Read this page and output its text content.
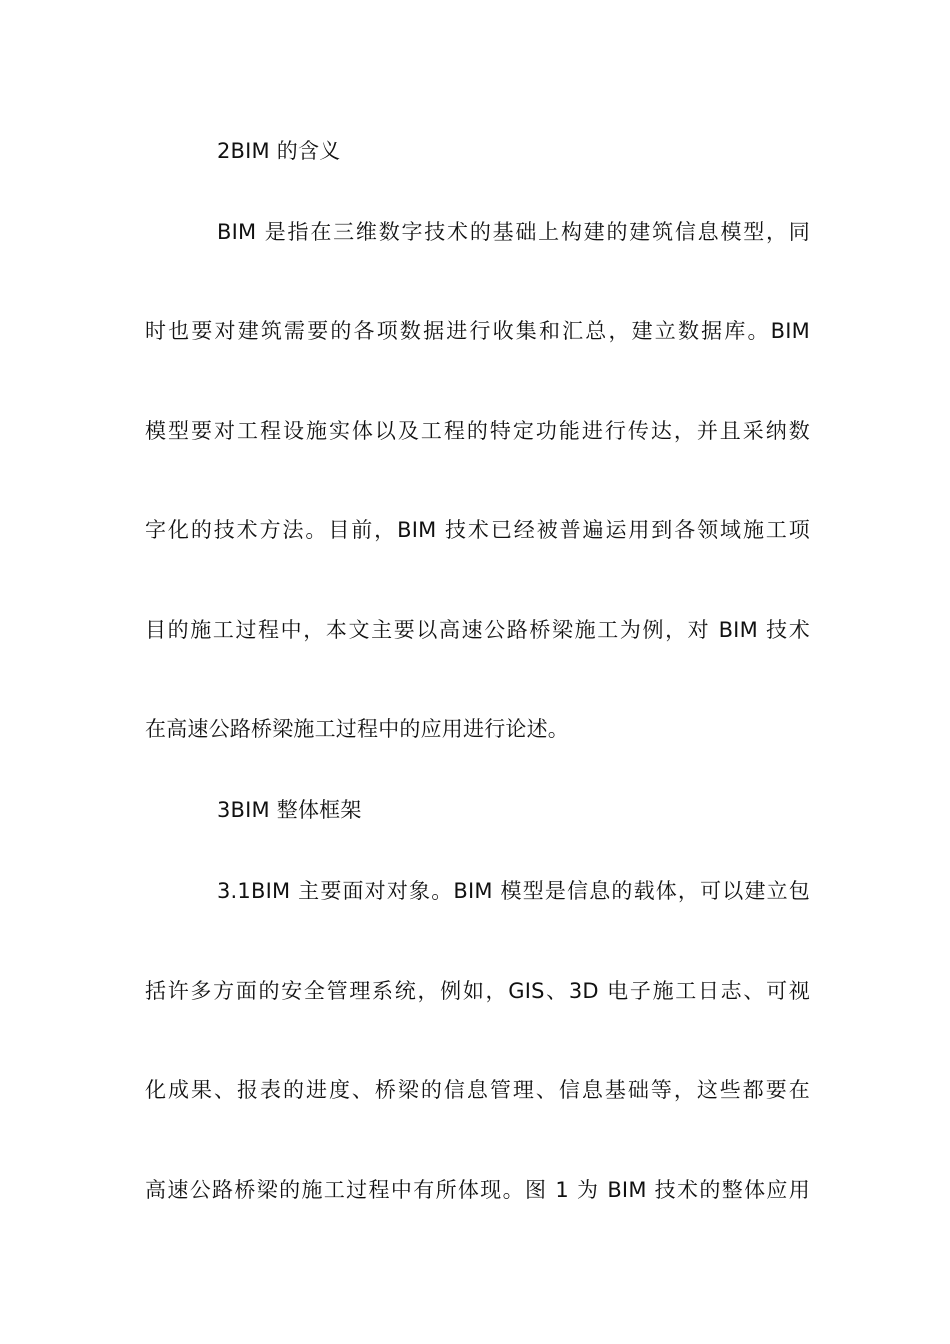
2BIM 的含义
BIM 是指在三维数字技术的基础上构建的建筑信息模型，同
时也要对建筑需要的各项数据进行收集和汇总，建立数据库。BIM
模型要对工程设施实体以及工程的特定功能进行传达，并且采纳数
字化的技术方法。目前，BIM 技术已经被普遍运用到各领域施工项
目的施工过程中，本文主要以高速公路桥梁施工为例，对 BIM 技术
在高速公路桥梁施工过程中的应用进行论述。
3BIM 整体框架
3.1BIM 主要面对对象。BIM 模型是信息的载体，可以建立包
括许多方面的安全管理系统，例如，GIS、3D 电子施工日志、可视
化成果、报表的进度、桥梁的信息管理、信息基础等，这些都要在
高速公路桥梁的施工过程中有所体现。图 1 为 BIM 技术的整体应用
